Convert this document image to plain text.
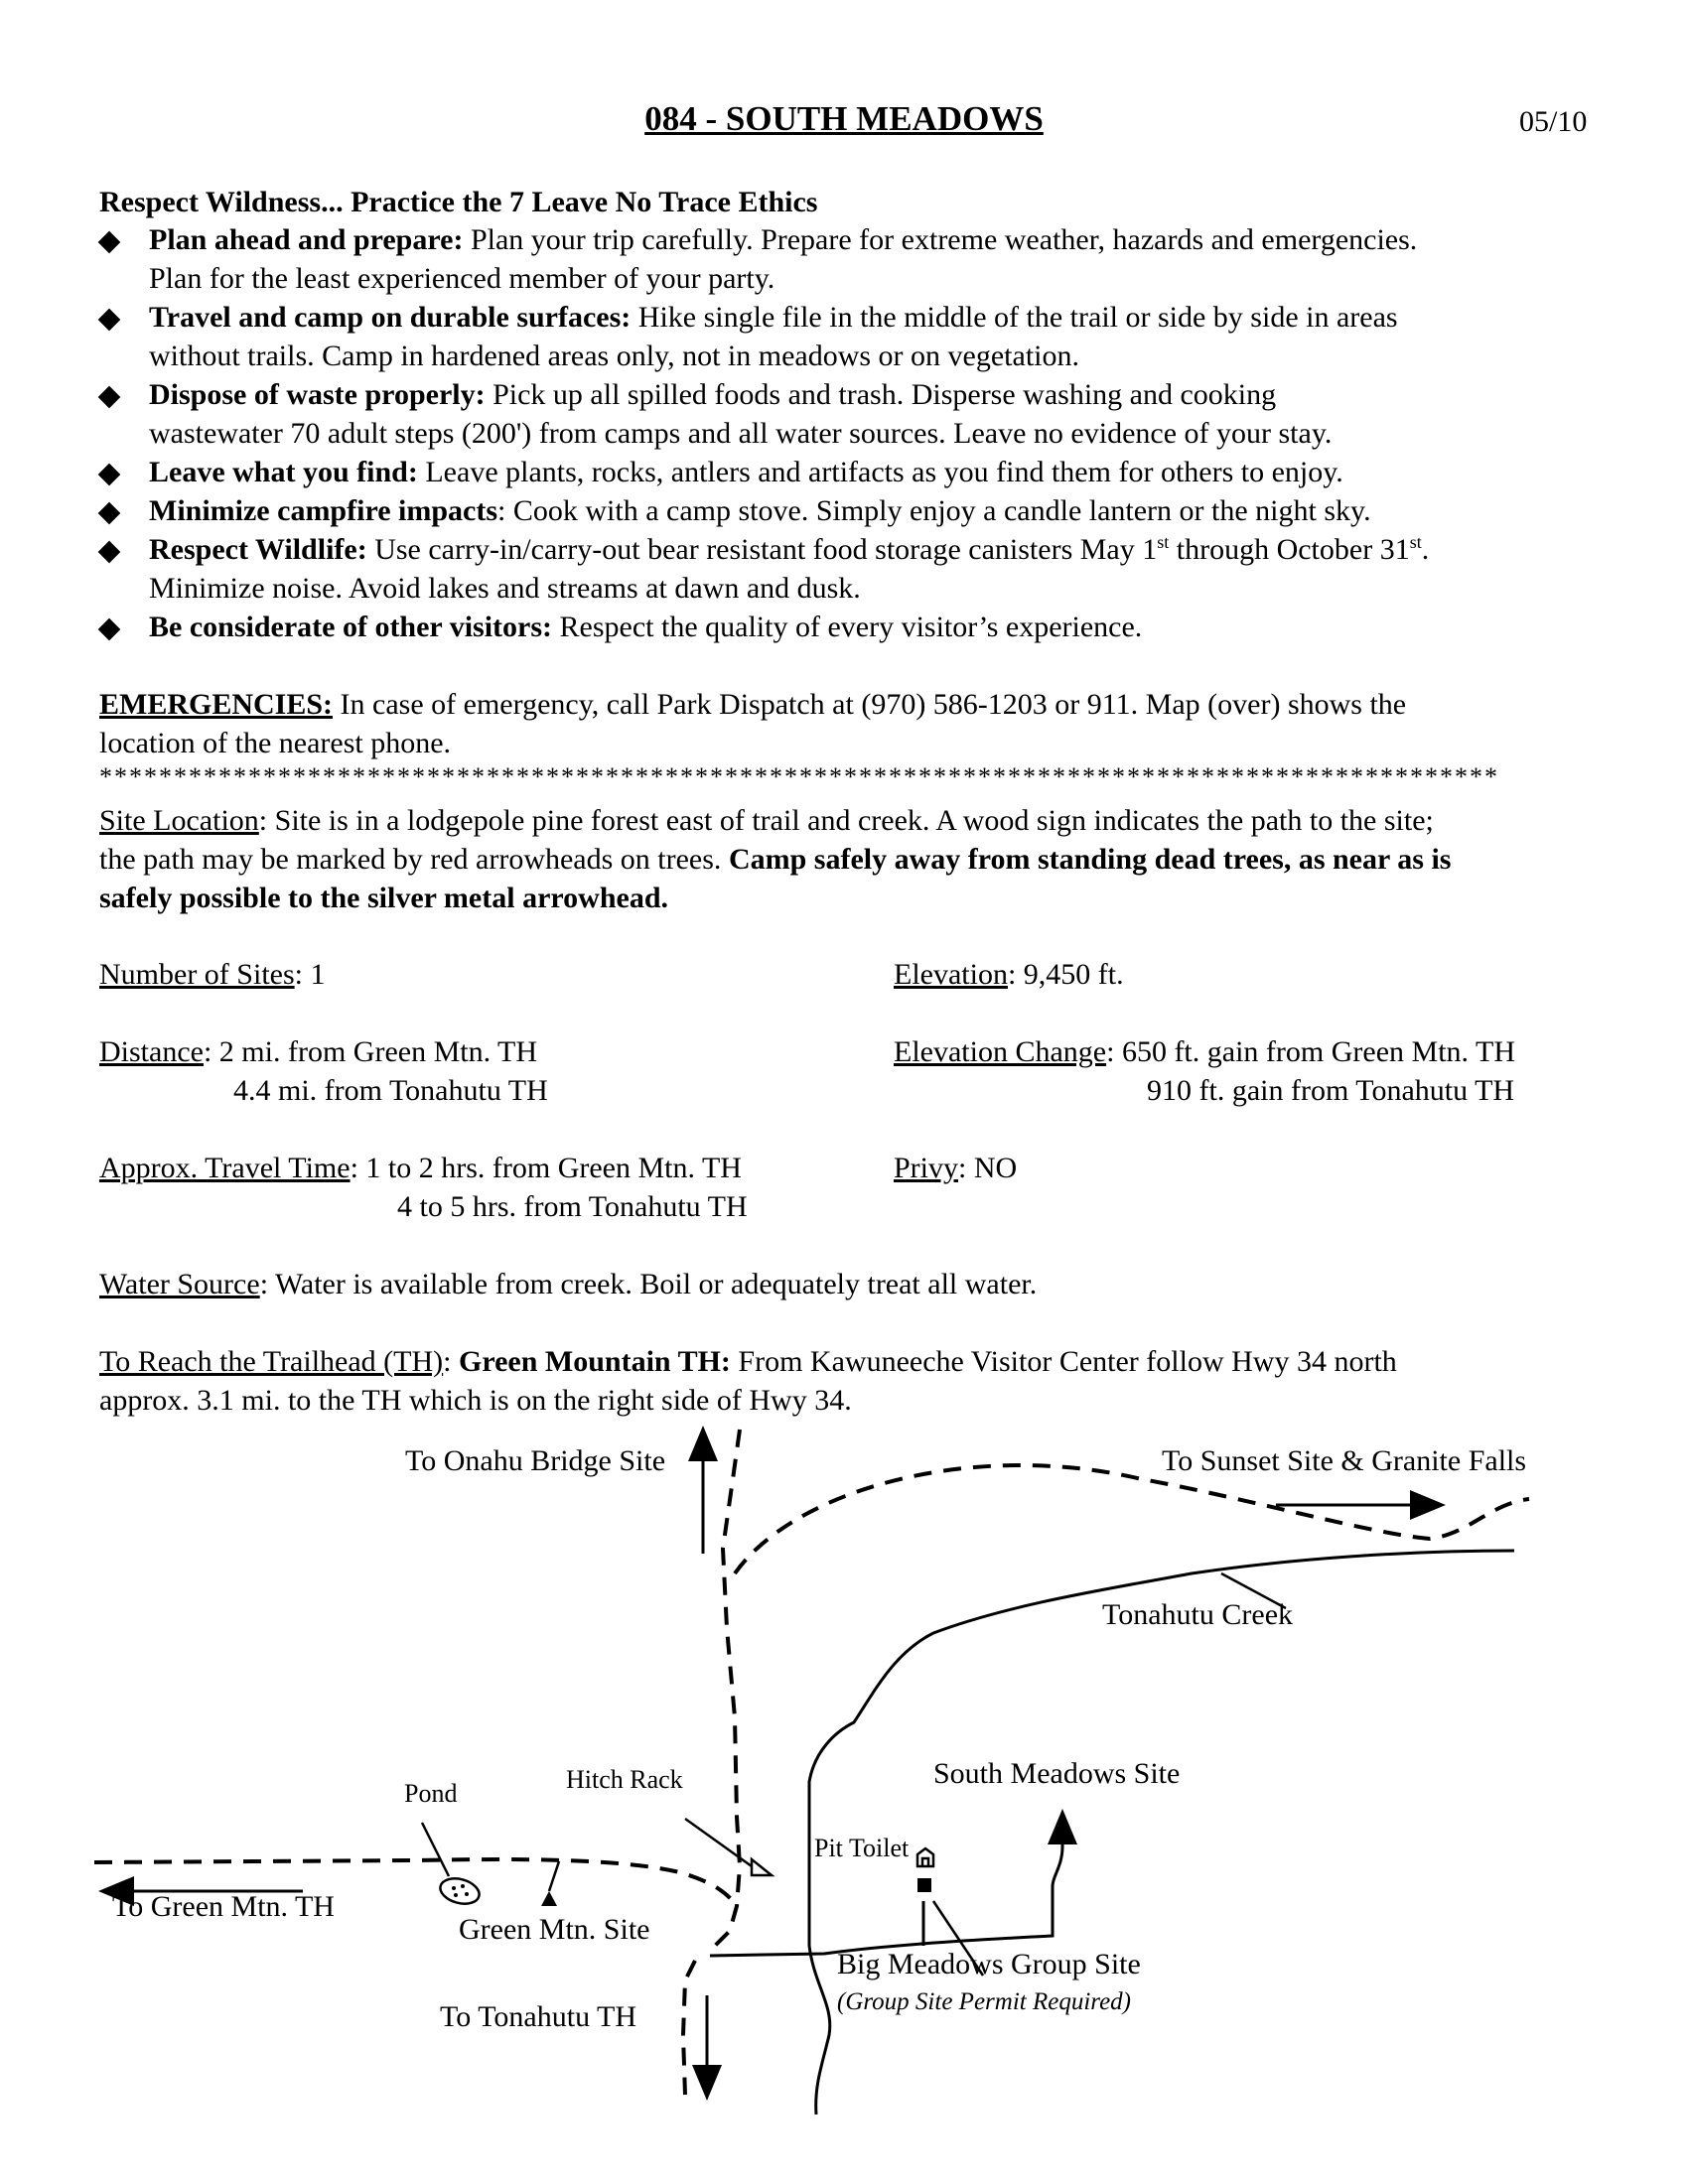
084 - SOUTH MEADOWS	05/10
Respect Wildness... Practice the 7 Leave No Trace Ethics
Plan ahead and prepare: Plan your trip carefully. Prepare for extreme weather, hazards and emergencies.
Plan for the least experienced member of your party.
Travel and camp on durable surfaces: Hike single file in the middle of the trail or side by side in areas
without trails. Camp in hardened areas only, not in meadows or on vegetation.
Dispose of waste properly: Pick up all spilled foods and trash. Disperse washing and cooking
wastewater 70 adult steps (200') from camps and all water sources. Leave no evidence of your stay.
Leave what you find: Leave plants, rocks, antlers and artifacts as you find them for others to enjoy.
Minimize campfire impacts: Cook with a camp stove. Simply enjoy a candle lantern or the night sky.
Respect Wildlife: Use carry-in/carry-out bear resistant food storage canisters May 1st through October 31st.
Minimize noise. Avoid lakes and streams at dawn and dusk.
Be considerate of other visitors: Respect the quality of every visitor’s experience.
EMERGENCIES: In case of emergency, call Park Dispatch at (970) 586-1203 or 911. Map (over) shows the
location of the nearest phone.
**********************************************************************************************
Site Location: Site is in a lodgepole pine forest east of trail and creek. A wood sign indicates the path to the site;
the path may be marked by red arrowheads on trees. Camp safely away from standing dead trees, as near as is
safely possible to the silver metal arrowhead.
Number of Sites: 1	Elevation: 9,450 ft.
Distance: 2 mi. from Green Mtn. TH
4.4 mi. from Tonahutu TH
Elevation Change: 650 ft. gain from Green Mtn. TH
910 ft. gain from Tonahutu TH
Approx. Travel Time: 1 to 2 hrs. from Green Mtn. TH
4 to 5 hrs. from Tonahutu TH
Privy: NO
Water Source: Water is available from creek. Boil or adequately treat all water.
To Reach the Trailhead (TH): Green Mountain TH: From Kawuneeche Visitor Center follow Hwy 34 north
approx. 3.1 mi. to the TH which is on the right side of Hwy 34.
To Onahu Bridge Site	To Sunset Site & Granite Falls
Tonahutu Creek
South Meadows Site
Hitch Rack
Pond
Pit Toilet
To Green Mtn. TH
Green Mtn. Site
Big Meadows Group Site
(Group Site Permit Required)
To Tonahutu TH
